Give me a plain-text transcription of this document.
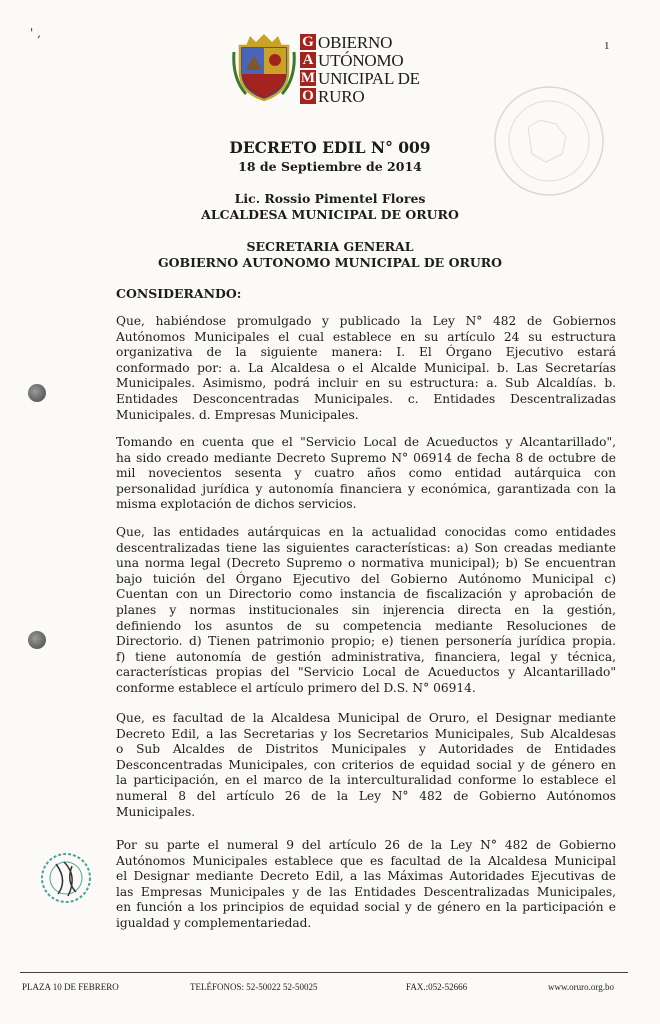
' ,
G
A
M
O
OBIERNO
UTÓNOMO
UNICIPAL DE
RURO
1
DECRETO EDIL N° 009
18 de Septiembre de 2014
Lic. Rossio Pimentel Flores
ALCALDESA MUNICIPAL DE ORURO
SECRETARIA GENERAL
GOBIERNO AUTONOMO MUNICIPAL DE ORURO
CONSIDERANDO:
Que, habiéndose promulgado y publicado la Ley N° 482 de Gobiernos
Autónomos Municipales el cual establece en su artículo 24 su estructura
organizativa de la siguiente manera: I. El Órgano Ejecutivo estará
conformado por: a. La Alcaldesa o el Alcalde Municipal. b. Las Secretarías
Municipales. Asimismo, podrá incluir en su estructura: a. Sub Alcaldías. b.
Entidades Desconcentradas Municipales. c. Entidades Descentralizadas
Municipales. d. Empresas Municipales.
Tomando en cuenta que el "Servicio Local de Acueductos y Alcantarillado",
ha sido creado mediante Decreto Supremo N° 06914 de fecha 8 de octubre de
mil novecientos sesenta y cuatro años como entidad autárquica con
personalidad jurídica y autonomía financiera y económica, garantizada con la
misma explotación de dichos servicios.
Que, las entidades autárquicas en la actualidad conocidas como entidades
descentralizadas tiene las siguientes características: a) Son creadas mediante
una norma legal (Decreto Supremo o normativa municipal); b) Se encuentran
bajo tuición del Órgano Ejecutivo del Gobierno Autónomo Municipal c)
Cuentan con un Directorio como instancia de fiscalización y aprobación de
planes y normas institucionales sin injerencia directa en la gestión,
definiendo los asuntos de su competencia mediante Resoluciones de
Directorio. d) Tienen patrimonio propio; e) tienen personería jurídica propia.
f) tiene autonomía de gestión administrativa, financiera, legal y técnica,
características propias del "Servicio Local de Acueductos y Alcantarillado"
conforme establece el artículo primero del D.S. N° 06914.
Que, es facultad de la Alcaldesa Municipal de Oruro, el Designar mediante
Decreto Edil, a las Secretarias y los Secretarios Municipales, Sub Alcaldesas
o Sub Alcaldes de Distritos Municipales y Autoridades de Entidades
Desconcentradas Municipales, con criterios de equidad social y de género en
la participación, en el marco de la interculturalidad conforme lo establece el
numeral 8 del artículo 26 de la Ley N° 482 de Gobierno Autónomos
Municipales.
Por su parte el numeral 9 del artículo 26 de la Ley N° 482 de Gobierno
Autónomos Municipales establece que es facultad de la Alcaldesa Municipal
el Designar mediante Decreto Edil, a las Máximas Autoridades Ejecutivas de
las Empresas Municipales y de las Entidades Descentralizadas Municipales,
en función a los principios de equidad social y de género en la participación e
igualdad y complementariedad.
PLAZA 10 DE FEBRERO	TELÉFONOS: 52-50022 52-50025	FAX.:052-52666	www.oruro.org.bo
